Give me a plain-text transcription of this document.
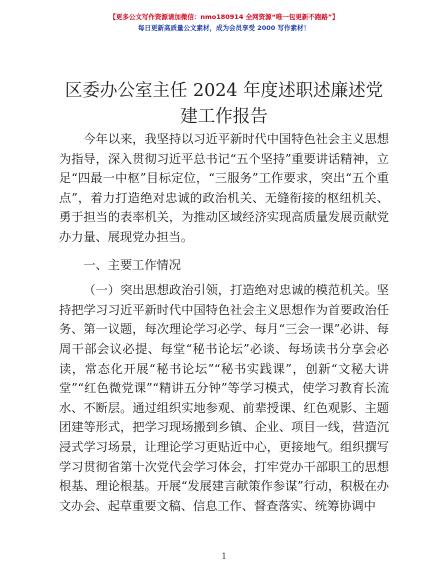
【更多公文写作资源请加微信：nmo180914 全网资源“唯一包更新不跑路”】
每日更新高质量公文素材，成为会员享受 2000 写作素材！
区委办公室主任 2024 年度述职述廉述党建工作报告

今年以来，我坚持以习近平新时代中国特色社会主义思想为指导，深入贯彻习近平总书记“五个坚持”重要讲话精神，立足“四最一中枢”目标定位，“三服务”工作要求，突出“五个重点”，着力打造绝对忠诚的政治机关、无缝衔接的枢纽机关、勇于担当的表率机关，为推动区域经济实现高质量发展贡献党办力量、展现党办担当。

一、主要工作情况

（一）突出思想政治引领，打造绝对忠诚的模范机关。坚持把学习习近平新时代中国特色社会主义思想作为首要政治任务、第一议题，每次理论学习必学、每月“三会一课”必讲、每周干部会议必提、每堂“秘书论坛”必谈、每场读书分享会必读，常态化开展“秘书论坛”“秘书实践课”，创新“文秘大讲堂”“红色微党课”“精讲五分钟”等学习模式，使学习教育长流水、不断层。通过组织实地参观、前辈授课、红色观影、主题团建等形式，把学习现场搬到乡镇、企业、项目一线，营造沉浸式学习场景，让理论学习更贴近中心，更接地气。组织撰写学习贯彻省第十次党代会学习体会，打牢党办干部职工的思想根基、理论根基。开展“发展建言献策作参谋”行动，积极在办文办会、起草重要文稿、信息工作、督查落实、统筹协调中

1
